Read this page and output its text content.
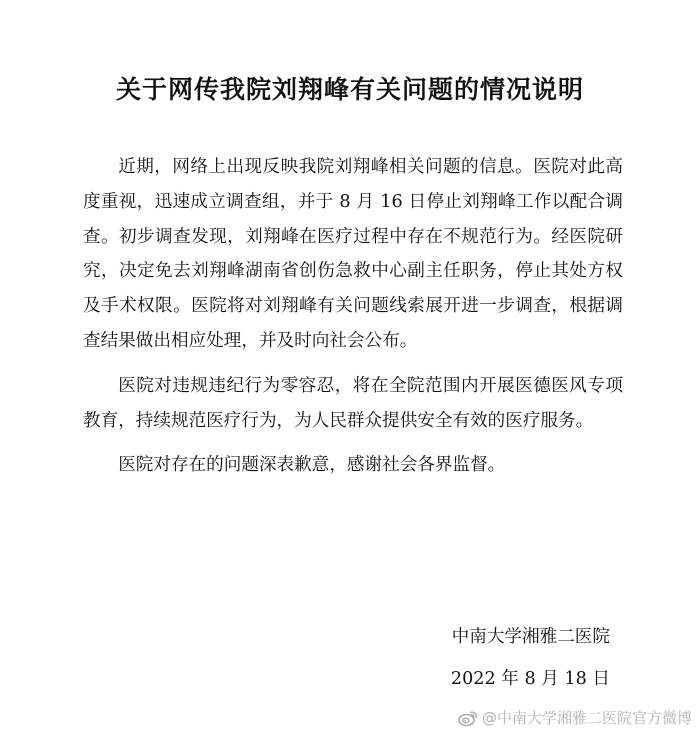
关于网传我院刘翔峰有关问题的情况说明

近期，网络上出现反映我院刘翔峰相关问题的信息。医院对此高度重视，迅速成立调查组，并于 8 月 16 日停止刘翔峰工作以配合调查。初步调查发现，刘翔峰在医疗过程中存在不规范行为。经医院研究，决定免去刘翔峰湖南省创伤急救中心副主任职务，停止其处方权及手术权限。医院将对刘翔峰有关问题线索展开进一步调查，根据调查结果做出相应处理，并及时向社会公布。

医院对违规违纪行为零容忍，将在全院范围内开展医德医风专项教育，持续规范医疗行为，为人民群众提供安全有效的医疗服务。

医院对存在的问题深表歉意，感谢社会各界监督。

中南大学湘雅二医院
2022 年 8 月 18 日
@中南大学湘雅二医院官方微博
